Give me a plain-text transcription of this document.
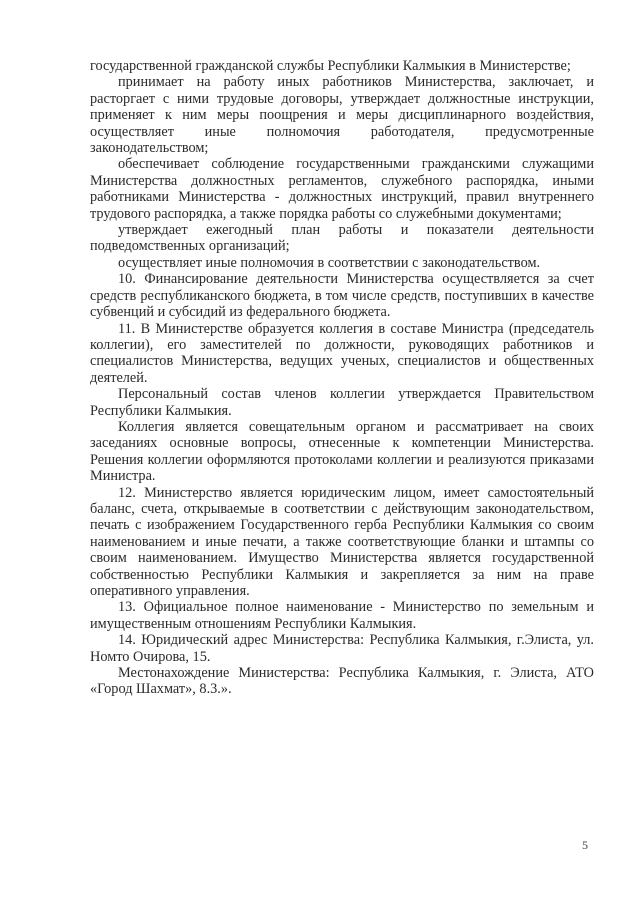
государственной гражданской службы Республики Калмыкия в Министерстве;

принимает на работу иных работников Министерства, заключает, и расторгает с ними трудовые договоры, утверждает должностные инструкции, применяет к ним меры поощрения и меры дисциплинарного воздействия, осуществляет иные полномочия работодателя, предусмотренные законодательством;

обеспечивает соблюдение государственными гражданскими служащими Министерства должностных регламентов, служебного распорядка, иными работниками Министерства - должностных инструкций, правил внутреннего трудового распорядка, а также порядка работы со служебными документами;

утверждает ежегодный план работы и показатели деятельности подведомственных организаций;

осуществляет иные полномочия в соответствии с законодательством.

10. Финансирование деятельности Министерства осуществляется за счет средств республиканского бюджета, в том числе средств, поступивших в качестве субвенций и субсидий из федерального бюджета.

11. В Министерстве образуется коллегия в составе Министра (председатель коллегии), его заместителей по должности, руководящих работников и специалистов Министерства, ведущих ученых, специалистов и общественных деятелей.

Персональный состав членов коллегии утверждается Правительством Республики Калмыкия.

Коллегия является совещательным органом и рассматривает на своих заседаниях основные вопросы, отнесенные к компетенции Министерства. Решения коллегии оформляются протоколами коллегии и реализуются приказами Министра.

12. Министерство является юридическим лицом, имеет самостоятельный баланс, счета, открываемые в соответствии с действующим законодательством, печать с изображением Государственного герба Республики Калмыкия со своим наименованием и иные печати, а также соответствующие бланки и штампы со своим наименованием. Имущество Министерства является государственной собственностью Республики Калмыкия и закрепляется за ним на праве оперативного управления.

13. Официальное полное наименование - Министерство по земельным и имущественным отношениям Республики Калмыкия.

14. Юридический адрес Министерства: Республика Калмыкия, г.Элиста, ул. Номто Очирова, 15.

Местонахождение Министерства: Республика Калмыкия, г. Элиста, АТО «Город Шахмат», 8.3.».

5
